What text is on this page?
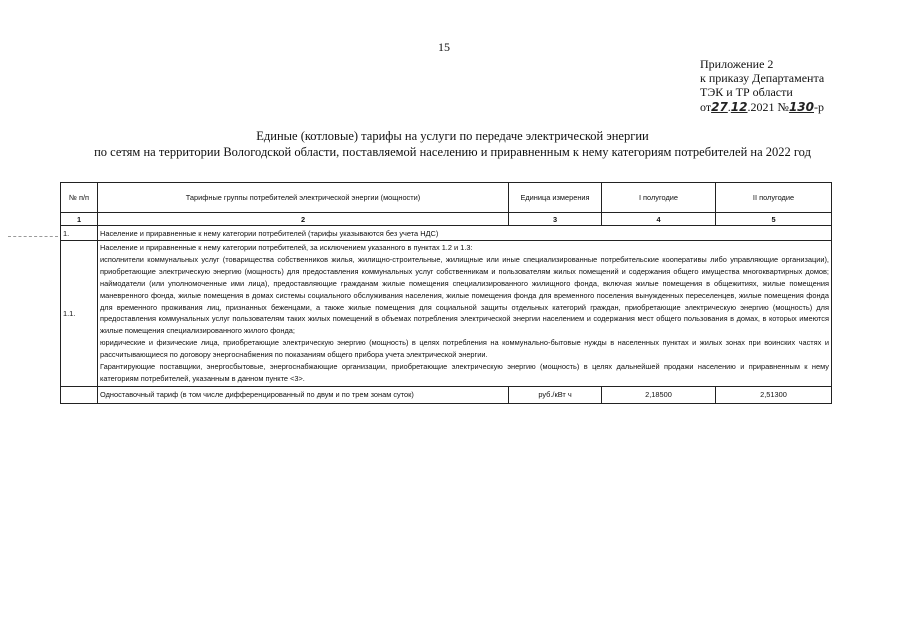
15
Приложение 2
к приказу Департамента
ТЭК и ТР области
от27.12.2021 №130-р
Единые (котловые) тарифы на услуги по передаче электрической энергии
по сетям на территории Вологодской области, поставляемой населению и приравненным к нему категориям потребителей на 2022 год
№ п/п	Тарифные группы потребителей электрической энергии (мощности)	Единица измерения	I полугодие	II полугодие
1	2	3	4	5
1.	Население и приравненные к нему категории потребителей (тарифы указываются без учета НДС)			
1.1.	Население и приравненные к нему категории потребителей, за исключением указанного в пунктах 1.2 и 1.3:

исполнители коммунальных услуг (товарищества собственников жилья, жилищно-строительные, жилищные или иные специализированные потребительские кооперативы либо управляющие организации), приобретающие электрическую энергию (мощность) для предоставления коммунальных услуг собственникам и пользователям жилых помещений и содержания общего имущества многоквартирных домов; наймодатели (или уполномоченные ими лица), предоставляющие гражданам жилые помещения специализированного жилищного фонда, включая жилые помещения в общежитиях, жилые помещения маневренного фонда, жилые помещения в домах системы социального обслуживания населения, жилые помещения фонда для временного поселения вынужденных переселенцев, жилые помещения фонда для временного проживания лиц, признанных беженцами, а также жилые помещения для социальной защиты отдельных категорий граждан, приобретающие электрическую энергию (мощность) для предоставления коммунальных услуг пользователям таких жилых помещений в объемах потребления электрической энергии населением и содержания мест общего пользования в домах, в которых имеются жилые помещения специализированного жилого фонда;

юридические и физические лица, приобретающие электрическую энергию (мощность) в целях потребления на коммунально-бытовые нужды в населенных пунктах и жилых зонах при воинских частях и рассчитывающиеся по договору энергоснабжения по показаниям общего прибора учета электрической энергии.

Гарантирующие поставщики, энергосбытовые, энергоснабжающие организации, приобретающие электрическую энергию (мощность) в целях дальнейшей продажи населению и приравненным к нему категориям потребителей, указанным в данном пункте <3>.			

	Одноставочный тариф (в том числе дифференцированный по двум и по трем зонам суток)	руб./кВт ч	2,18500	2,51300
